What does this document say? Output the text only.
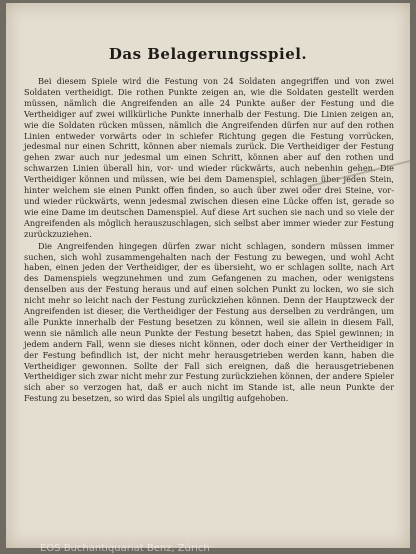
Das Belagerungsspiel.

Bei diesem Spiele wird die Festung von 24 Soldaten angegriffen und von zwei Soldaten vertheidigt. Die rothen Punkte zeigen an, wie die Soldaten gestellt werden müssen, nämlich die Angreifenden an alle 24 Punkte außer der Festung und die Vertheidiger auf zwei willkürliche Punkte innerhalb der Festung. Die Linien zeigen an, wie die Soldaten rücken müssen, nämlich die Angreifenden dürfen nur auf den rothen Linien entweder vorwärts oder in schiefer Richtung gegen die Festung vorrücken, jedesmal nur einen Schritt, können aber niemals zurück. Die Vertheidiger der Festung gehen zwar auch nur jedesmal um einen Schritt, können aber auf den rothen und schwarzen Linien überall hin, vor- und wieder rückwärts, auch nebenhin gehen. Die Vertheidiger können und müssen, wie bei dem Damenspiel, schlagen über jeden Stein, hinter welchem sie einen Punkt offen finden, so auch über zwei oder drei Steine, vor- und wieder rückwärts, wenn jedesmal zwischen diesen eine Lücke offen ist, gerade so wie eine Dame im deutschen Damenspiel. Auf diese Art suchen sie nach und so viele der Angreifenden als möglich herauszuschlagen, sich selbst aber immer wieder zur Festung zurückzuziehen.

Die Angreifenden hingegen dürfen zwar nicht schlagen, sondern müssen immer suchen, sich wohl zusammengehalten nach der Festung zu bewegen, und wohl Acht haben, einen jeden der Vertheidiger, der es übersieht, wo er schlagen sollte, nach Art des Damenspiels wegzunehmen und zum Gefangenen zu machen, oder wenigstens denselben aus der Festung heraus und auf einen solchen Punkt zu locken, wo sie sich nicht mehr so leicht nach der Festung zurückziehen können. Denn der Hauptzweck der Angreifenden ist dieser, die Vertheidiger der Festung aus derselben zu verdrängen, um alle Punkte innerhalb der Festung besetzen zu können, weil sie allein in diesem Fall, wenn sie nämlich alle neun Punkte der Festung besetzt haben, das Spiel gewinnen; in jedem andern Fall, wenn sie dieses nicht können, oder doch einer der Vertheidiger in der Festung befindlich ist, der nicht mehr herausgetrieben werden kann, haben die Vertheidiger gewonnen. Sollte der Fall sich ereignen, daß die herausgetriebenen Vertheidiger sich zwar nicht mehr zur Festung zurückziehen können, der andere Spieler sich aber so verzogen hat, daß er auch nicht im Stande ist, alle neun Punkte der Festung zu besetzen, so wird das Spiel als ungiltig aufgehoben.

EOS Buchantiquariat Benz, Zürich
